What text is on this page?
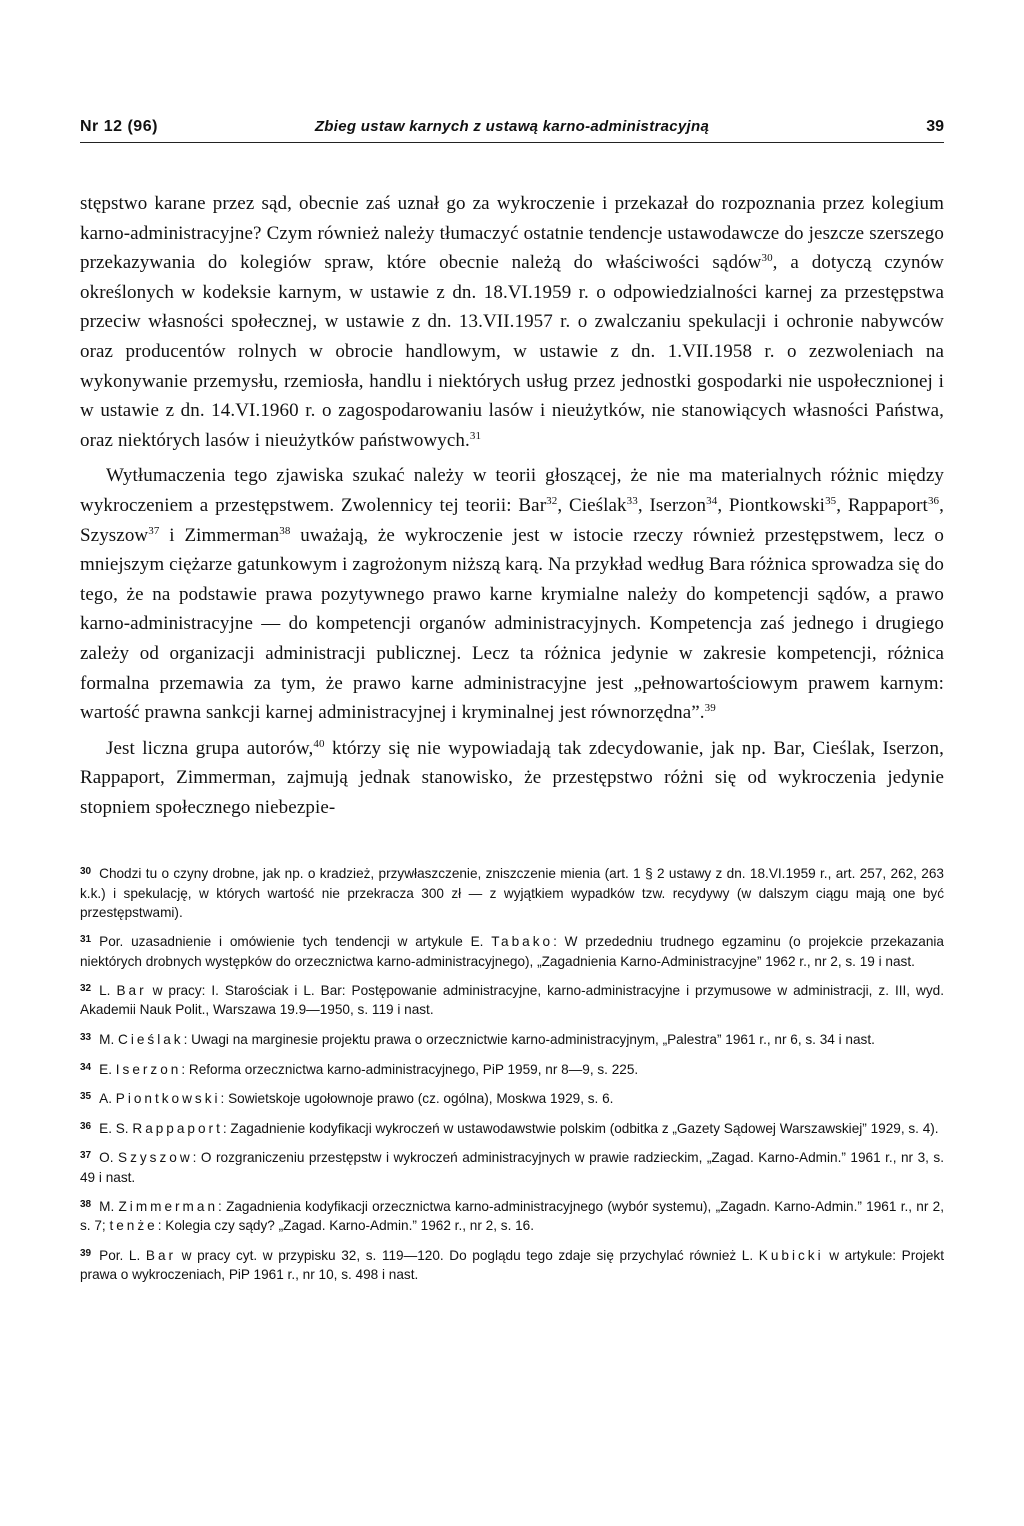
Nr 12 (96)	Zbieg ustaw karnych z ustawą karno-administracyjną	39

stępstwo karane przez sąd, obecnie zaś uznał go za wykroczenie i przekazał do rozpoznania przez kolegium karno-administracyjne? Czym również należy tłumaczyć ostatnie tendencje ustawodawcze do jeszcze szerszego przekazywania do kolegiów spraw, które obecnie należą do właściwości sądów$^{30}$, a dotyczą czynów określonych w kodeksie karnym, w ustawie z dn. 18.VI.1959 r. o odpowiedzialności karnej za przestępstwa przeciw własności społecznej, w ustawie z dn. 13.VII.1957 r. o zwalczaniu spekulacji i ochronie nabywców oraz producentów rolnych w obrocie handlowym, w ustawie z dn. 1.VII.1958 r. o zezwoleniach na wykonywanie przemysłu, rzemiosła, handlu i niektórych usług przez jednostki gospodarki nie uspołecznionej i w ustawie z dn. 14.VI.1960 r. o zagospodarowaniu lasów i nieużytków, nie stanowiących własności Państwa, oraz niektórych lasów i nieużytków państwowych.$^{31}$

Wytłumaczenia tego zjawiska szukać należy w teorii głoszącej, że nie ma materialnych różnic między wykroczeniem a przestępstwem. Zwolennicy tej teorii: Bar$^{32}$, Cieślak$^{33}$, Iserzon$^{34}$, Piontkowski$^{35}$, Rappaport$^{36}$, Szyszow$^{37}$ i Zimmerman$^{38}$ uważają, że wykroczenie jest w istocie rzeczy również przestępstwem, lecz o mniejszym ciężarze gatunkowym i zagrożonym niższą karą. Na przykład według Bara różnica sprowadza się do tego, że na podstawie prawa pozytywnego prawo karne krymialne należy do kompetencji sądów, a prawo karno-administracyjne — do kompetencji organów administracyjnych. Kompetencja zaś jednego i drugiego zależy od organizacji administracji publicznej. Lecz ta różnica jedynie w zakresie kompetencji, różnica formalna przemawia za tym, że prawo karne administracyjne jest „pełnowartościowym prawem karnym: wartość prawna sankcji karnej administracyjnej i kryminalnej jest równorzędna”.$^{39}$

Jest liczna grupa autorów,$^{40}$ którzy się nie wypowiadają tak zdecydowanie, jak np. Bar, Cieślak, Iserzon, Rappaport, Zimmerman, zajmują jednak stanowisko, że przestępstwo różni się od wykroczenia jedynie stopniem społecznego niebezpie-

$^{30}$ Chodzi tu o czyny drobne, jak np. o kradzież, przywłaszczenie, zniszczenie mienia (art. 1 § 2 ustawy z dn. 18.VI.1959 r., art. 257, 262, 263 k.k.) i spekulację, w których wartość nie przekracza 300 zł — z wyjątkiem wypadków tzw. recydywy (w dalszym ciągu mają one być przestępstwami).

$^{31}$ Por. uzasadnienie i omówienie tych tendencji w artykule E. Tabako: W przededniu trudnego egzaminu (o projekcie przekazania niektórych drobnych występków do orzecznictwa karno-administracyjnego), „Zagadnienia Karno-Administracyjne” 1962 r., nr 2, s. 19 i nast.

$^{32}$ L. Bar w pracy: I. Starościak i L. Bar: Postępowanie administracyjne, karno-administracyjne i przymusowe w administracji, z. III, wyd. Akademii Nauk Polit., Warszawa 19.9—1950, s. 119 i nast.

$^{33}$ M. Cieślak: Uwagi na marginesie projektu prawa o orzecznictwie karno-administracyjnym, „Palestra” 1961 r., nr 6, s. 34 i nast.

$^{34}$ E. Iserzon: Reforma orzecznictwa karno-administracyjnego, PiP 1959, nr 8—9, s. 225.

$^{35}$ A. Piontkowski: Sowietskoje ugołownoje prawo (cz. ogólna), Moskwa 1929, s. 6.

$^{36}$ E. S. Rappaport: Zagadnienie kodyfikacji wykroczeń w ustawodawstwie polskim (odbitka z „Gazety Sądowej Warszawskiej” 1929, s. 4).

$^{37}$ O. Szyszow: O rozgraniczeniu przestępstw i wykroczeń administracyjnych w prawie radzieckim, „Zagad. Karno-Admin.” 1961 r., nr 3, s. 49 i nast.

$^{38}$ M. Zimmerman: Zagadnienia kodyfikacji orzecznictwa karno-administracyjnego (wybór systemu), „Zagadn. Karno-Admin.” 1961 r., nr 2, s. 7; tenże: Kolegia czy sądy? „Zagad. Karno-Admin.” 1962 r., nr 2, s. 16.

$^{39}$ Por. L. Bar w pracy cyt. w przypisku 32, s. 119—120. Do poglądu tego zdaje się przychylać również L. Kubicki w artykule: Projekt prawa o wykroczeniach, PiP 1961 r., nr 10, s. 498 i nast.
